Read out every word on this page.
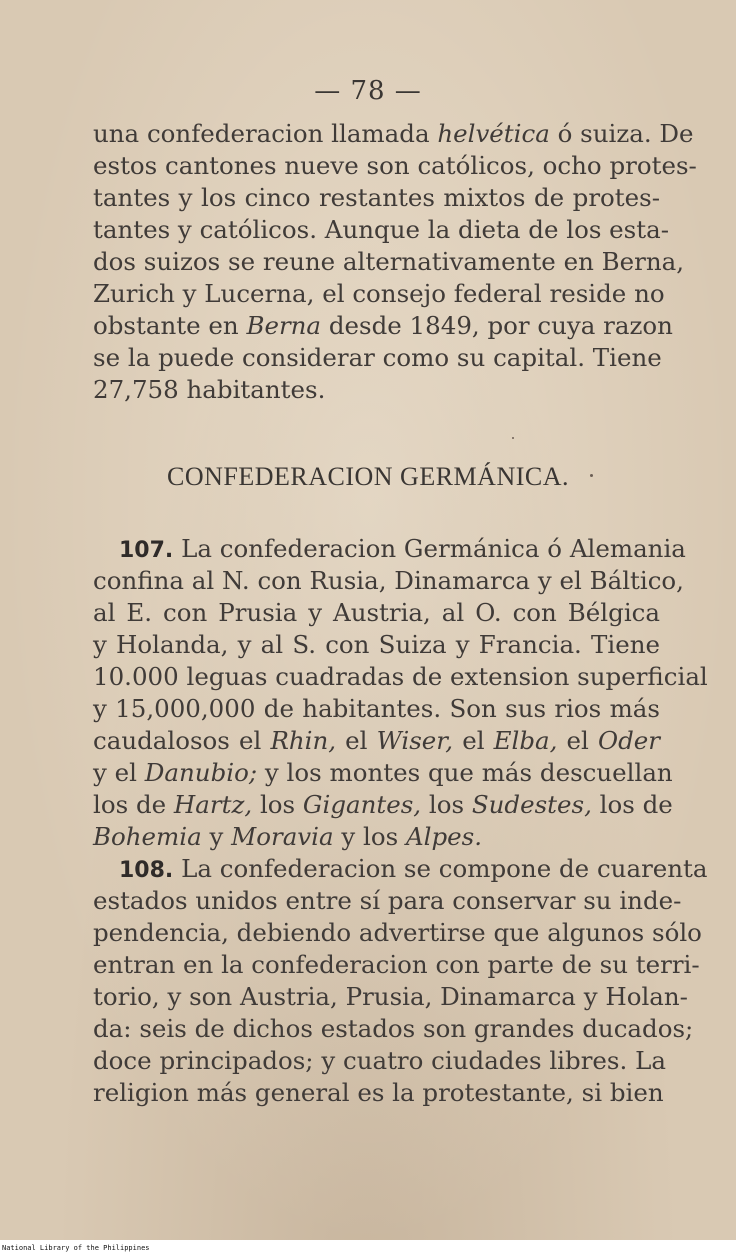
— 78 —
una confederacion llamada helvética ó suiza. De
estos cantones nueve son católicos, ocho protes-
tantes y los cinco restantes mixtos de protes-
tantes y católicos. Aunque la dieta de los esta-
dos suizos se reune alternativamente en Berna,
Zurich y Lucerna, el consejo federal reside no
obstante en Berna desde 1849, por cuya razon
se la puede considerar como su capital. Tiene
27,758 habitantes.
CONFEDERACION GERMÁNICA.
107. La confederacion Germánica ó Alemania
confina al N. con Rusia, Dinamarca y el Báltico,
al E. con Prusia y Austria, al O. con Bélgica
y Holanda, y al S. con Suiza y Francia. Tiene
10.000 leguas cuadradas de extension superficial
y 15,000,000 de habitantes. Son sus rios más
caudalosos el Rhin, el Wiser, el Elba, el Oder
y el Danubio; y los montes que más descuellan
los de Hartz, los Gigantes, los Sudestes, los de
Bohemia y Moravia y los Alpes.
108. La confederacion se compone de cuarenta
estados unidos entre sí para conservar su inde-
pendencia, debiendo advertirse que algunos sólo
entran en la confederacion con parte de su terri-
torio, y son Austria, Prusia, Dinamarca y Holan-
da: seis de dichos estados son grandes ducados;
doce principados; y cuatro ciudades libres. La
religion más general es la protestante, si bien
National Library of the Philippines
